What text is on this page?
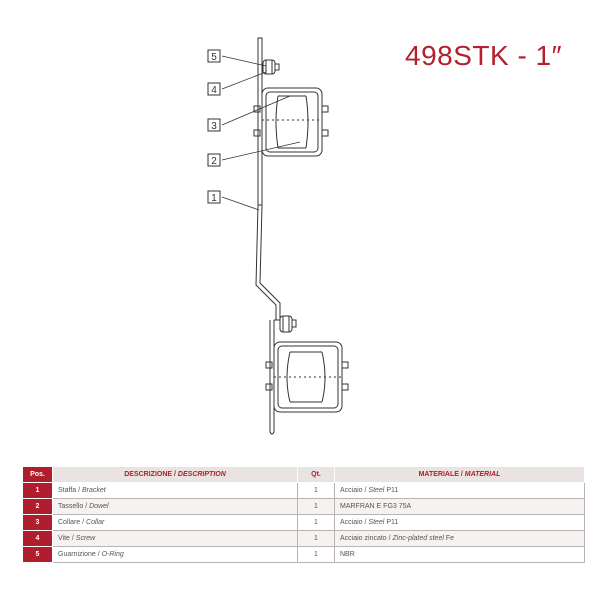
5
4
3
2
1
498STK - 1″
Pos.	DESCRIZIONE / DESCRIPTION	Qt.	MATERIALE / MATERIAL
1	Staffa / Bracket	1	Acciaio / Steel P11
2	Tassello / Dowel	1	MARFRAN E FG3 75A
3	Collare / Collar	1	Acciaio / Steel P11
4	Vite / Screw	1	Acciaio zincato / Zinc-plated steel Fe
5	Guarnizione / O-Ring	1	NBR
